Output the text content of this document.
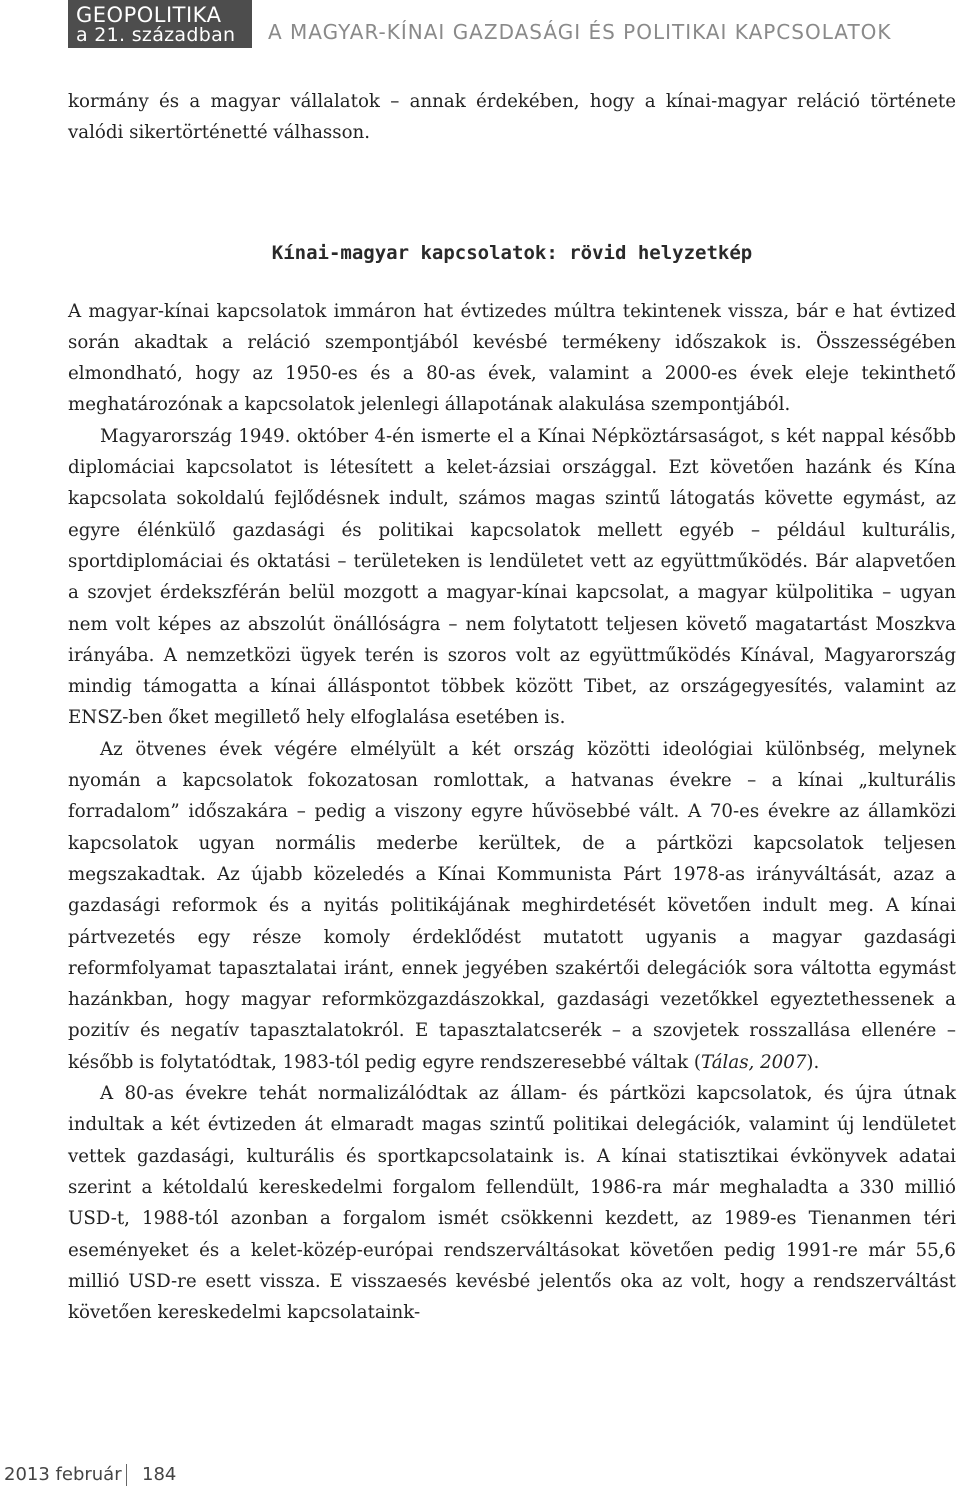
GEOPOLITIKA
a 21. században A MAGYAR-KÍNAI GAZDASÁGI ÉS POLITIKAI KAPCSOLATOK

kormány és a magyar vállalatok – annak érdekében, hogy a kínai-magyar reláció története valódi sikertörténetté válhasson.

Kínai-magyar kapcsolatok: rövid helyzetkép

A magyar-kínai kapcsolatok immáron hat évtizedes múltra tekintenek vissza, bár e hat évtized során akadtak a reláció szempontjából kevésbé termékeny időszakok is. Összességében elmondható, hogy az 1950-es és a 80-as évek, valamint a 2000-es évek eleje tekinthető meghatározónak a kapcsolatok jelenlegi állapotának alakulása szempontjából.

Magyarország 1949. október 4-én ismerte el a Kínai Népköztársaságot, s két nappal később diplomáciai kapcsolatot is létesített a kelet-ázsiai országgal. Ezt követően hazánk és Kína kapcsolata sokoldalú fejlődésnek indult, számos magas szintű látogatás követte egymást, az egyre élénkülő gazdasági és politikai kapcsolatok mellett egyéb – például kulturális, sportdiplomáciai és oktatási – területeken is lendületet vett az együttműködés. Bár alapvetően a szovjet érdekszférán belül mozgott a magyar-kínai kapcsolat, a magyar külpolitika – ugyan nem volt képes az abszolút önállóságra – nem folytatott teljesen követő magatartást Moszkva irányába. A nemzetközi ügyek terén is szoros volt az együttműködés Kínával, Magyarország mindig támogatta a kínai álláspontot többek között Tibet, az országegyesítés, valamint az ENSZ-ben őket megillető hely elfoglalása esetében is.

Az ötvenes évek végére elmélyült a két ország közötti ideológiai különbség, melynek nyomán a kapcsolatok fokozatosan romlottak, a hatvanas évekre – a kínai „kulturális forradalom” időszakára – pedig a viszony egyre hűvösebbé vált. A 70-es évekre az államközi kapcsolatok ugyan normális mederbe kerültek, de a pártközi kapcsolatok teljesen megszakadtak. Az újabb közeledés a Kínai Kommunista Párt 1978-as irányváltását, azaz a gazdasági reformok és a nyitás politikájának meghirdetését követően indult meg. A kínai pártvezetés egy része komoly érdeklődést mutatott ugyanis a magyar gazdasági reformfolyamat tapasztalatai iránt, ennek jegyében szakértői delegációk sora váltotta egymást hazánkban, hogy magyar reformközgazdászokkal, gazdasági vezetőkkel egyeztethessenek a pozitív és negatív tapasztalatokról. E tapasztalatcserék – a szovjetek rosszallása ellenére – később is folytatódtak, 1983-tól pedig egyre rendszeresebbé váltak (Tálas, 2007).

A 80-as évekre tehát normalizálódtak az állam- és pártközi kapcsolatok, és újra útnak indultak a két évtizeden át elmaradt magas szintű politikai delegációk, valamint új lendületet vettek gazdasági, kulturális és sportkapcsolataink is. A kínai statisztikai évkönyvek adatai szerint a kétoldalú kereskedelmi forgalom fellendült, 1986-ra már meghaladta a 330 millió USD-t, 1988-tól azonban a forgalom ismét csökkenni kezdett, az 1989-es Tienanmen téri eseményeket és a kelet-közép-európai rendszerváltásokat követően pedig 1991-re már 55,6 millió USD-re esett vissza. E visszaesés kevésbé jelentős oka az volt, hogy a rendszerváltást követően kereskedelmi kapcsolataink-

2013 február 184
